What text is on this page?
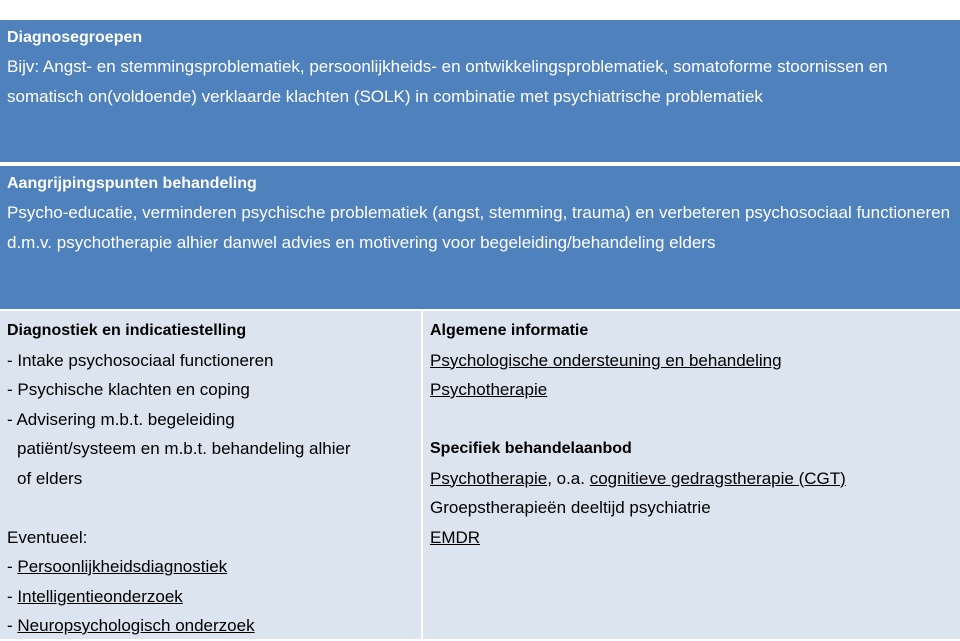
Diagnosegroepen
Bijv: Angst- en stemmingsproblematiek, persoonlijkheids- en ontwikkelingsproblematiek, somatoforme stoornissen en somatisch on(voldoende) verklaarde klachten (SOLK) in combinatie met psychiatrische problematiek
Aangrijpingspunten behandeling
Psycho-educatie, verminderen psychische problematiek (angst, stemming, trauma) en verbeteren psychosociaal functioneren d.m.v. psychotherapie alhier danwel advies en motivering voor begeleiding/behandeling elders
Diagnostiek en indicatiestelling
- Intake psychosociaal functioneren
- Psychische klachten en coping
- Advisering m.b.t. begeleiding
patiënt/systeem en m.b.t. behandeling alhier
of elders
Eventueel:
- Persoonlijkheidsdiagnostiek
- Intelligentieonderzoek
- Neuropsychologisch onderzoek
Algemene informatie
Psychologische ondersteuning en behandeling
Psychotherapie
Specifiek behandelaanbod
Psychotherapie, o.a. cognitieve gedragstherapie (CGT)
Groepstherapieën deeltijd psychiatrie
EMDR
